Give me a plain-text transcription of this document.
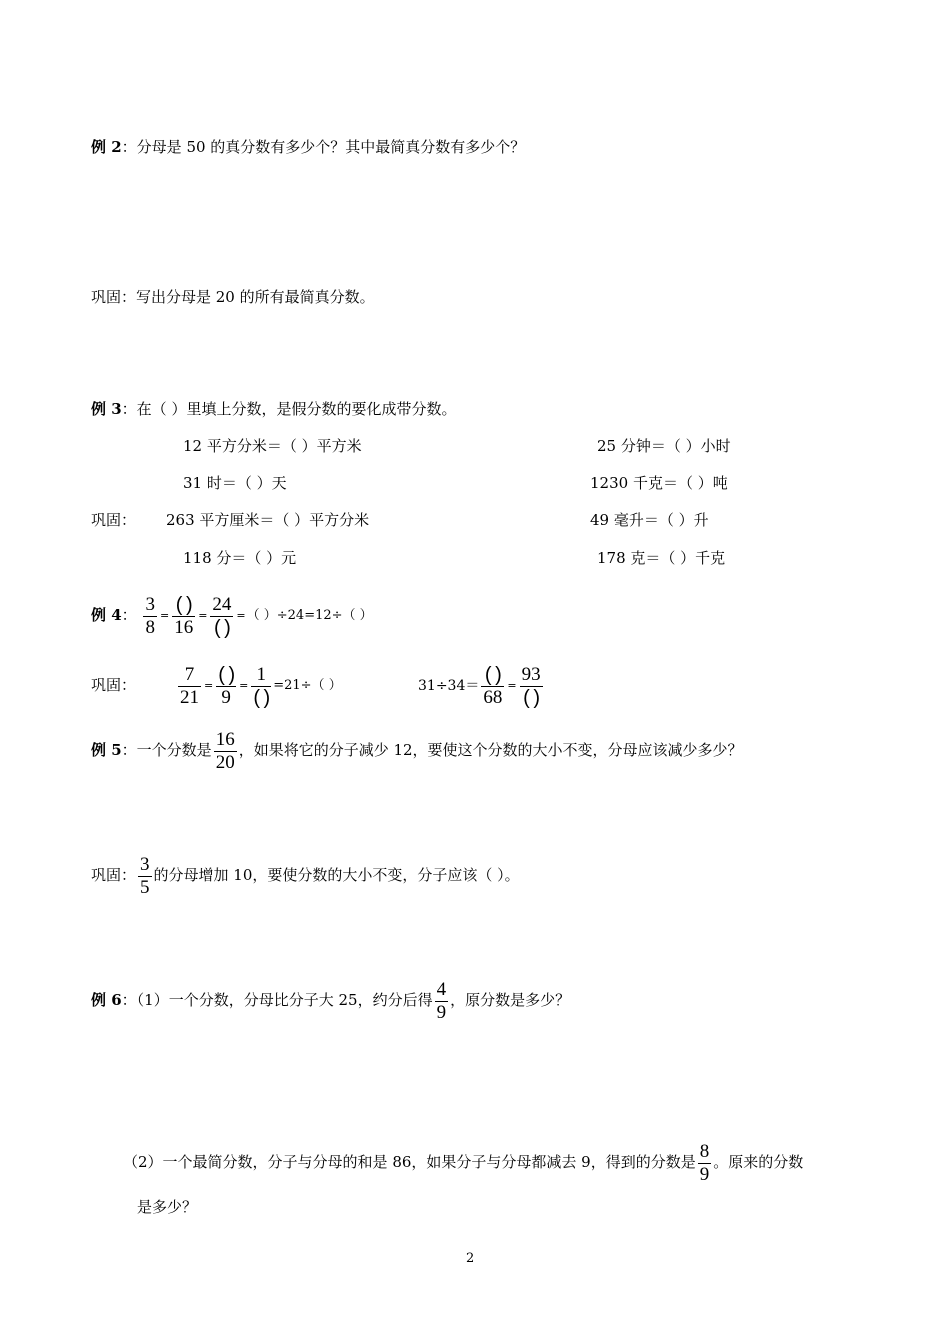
例 2：分母是 50 的真分数有多少个？其中最简真分数有多少个？
巩固：写出分母是 20 的所有最简真分数。
例 3：在（ ）里填上分数，是假分数的要化成带分数。
12 平方分米＝（ ）平方米	25 分钟＝（ ）小时
31 时＝（ ）天	1230 千克＝（ ）吨
巩固： 263 平方厘米＝（ ）平方分米	49 毫升＝（ ）升
118 分＝（ ）元	178 克＝（ ）千克
例 4： $\frac{3}{8} = \frac{( )}{16} = \frac{24}{( )}$ =（ ）÷24=12÷（ ）
巩固： $\frac{7}{21} = \frac{( )}{9} = \frac{1}{( )} =21\div$（ ）	$31\div 34= \frac{( )}{68} = \frac{93}{( )}$
例 5：一个分数是 $\frac{16}{20}$ ，如果将它的分子减少 12，要使这个分数的大小不变，分母应该减少多少？
巩固： $\frac{3}{5}$ 的分母增加 10，要使分数的大小不变，分子应该（ ）。
例 6：（1）一个分数，分母比分子大 25，约分后得 $\frac{4}{9}$ ，原分数是多少？
（2）一个最简分数，分子与分母的和是 86，如果分子与分母都减去 9，得到的分数是 $\frac{8}{9}$ 。原来的分数
是多少？
2
